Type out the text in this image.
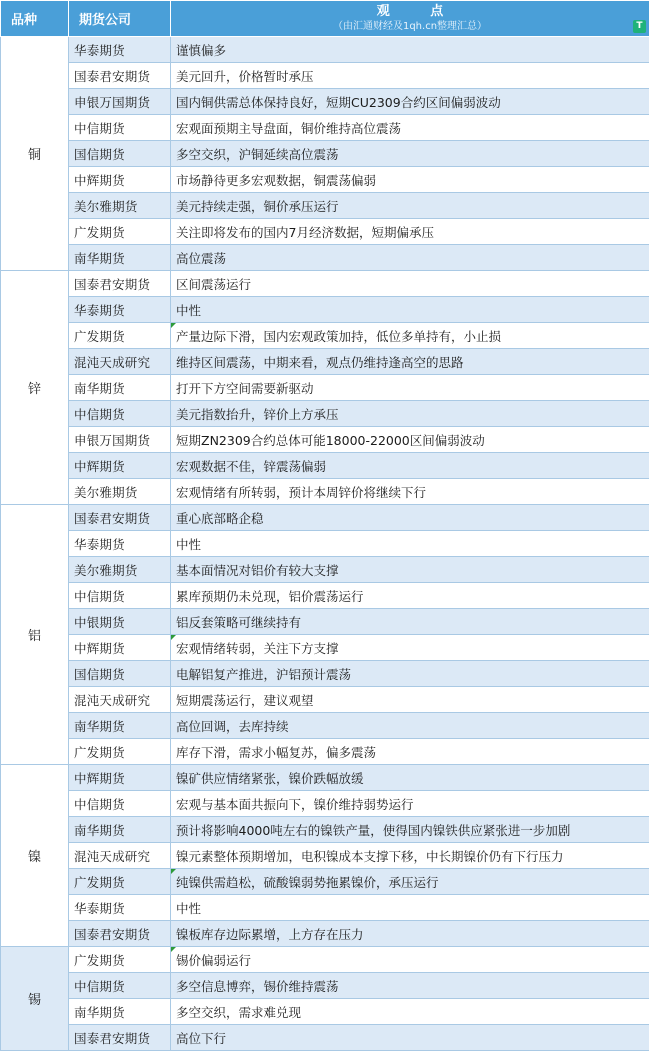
品种	期货公司	观 点
（由汇通财经及1qh.cn整理汇总） T

铜	华泰期货	谨慎偏多
	国泰君安期货	美元回升，价格暂时承压
	申银万国期货	国内铜供需总体保持良好，短期CU2309合约区间偏弱波动
	中信期货	宏观面预期主导盘面，铜价维持高位震荡
	国信期货	多空交织，沪铜延续高位震荡
	中辉期货	市场静待更多宏观数据，铜震荡偏弱
	美尔雅期货	美元持续走强，铜价承压运行
	广发期货	关注即将发布的国内7月经济数据，短期偏承压
	南华期货	高位震荡
锌	国泰君安期货	区间震荡运行
	华泰期货	中性
	广发期货	产量边际下滑，国内宏观政策加持，低位多单持有，小止损

	混沌天成研究	维持区间震荡，中期来看，观点仍维持逢高空的思路
	南华期货	打开下方空间需要新驱动
	中信期货	美元指数抬升，锌价上方承压
	申银万国期货	短期ZN2309合约总体可能18000-22000区间偏弱波动
	中辉期货	宏观数据不佳，锌震荡偏弱
	美尔雅期货	宏观情绪有所转弱，预计本周锌价将继续下行
铝	国泰君安期货	重心底部略企稳
	华泰期货	中性
	美尔雅期货	基本面情况对铝价有较大支撑
	中信期货	累库预期仍未兑现，铝价震荡运行
	中银期货	铝反套策略可继续持有
	中辉期货	宏观情绪转弱，关注下方支撑

	国信期货	电解铝复产推进，沪铝预计震荡
	混沌天成研究	短期震荡运行，建议观望
	南华期货	高位回调，去库持续
	广发期货	库存下滑，需求小幅复苏，偏多震荡
镍	中辉期货	镍矿供应情绪紧张，镍价跌幅放缓
	中信期货	宏观与基本面共振向下，镍价维持弱势运行
	南华期货	预计将影响4000吨左右的镍铁产量，使得国内镍铁供应紧张进一步加剧
	混沌天成研究	镍元素整体预期增加，电积镍成本支撑下移，中长期镍价仍有下行压力
	广发期货	纯镍供需趋松，硫酸镍弱势拖累镍价，承压运行

	华泰期货	中性
	国泰君安期货	镍板库存边际累增，上方存在压力
锡	广发期货	锡价偏弱运行

	中信期货	多空信息博弈，锡价维持震荡
	南华期货	多空交织，需求难兑现
	国泰君安期货	高位下行
